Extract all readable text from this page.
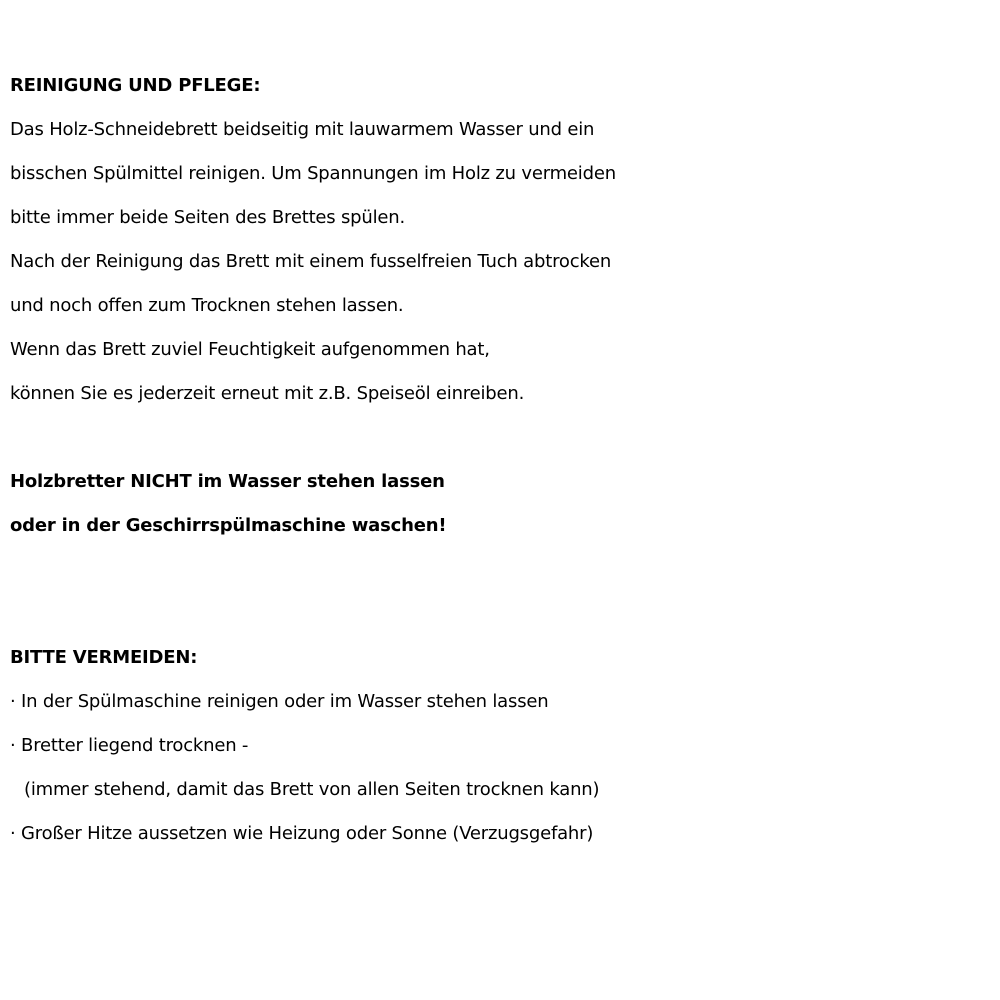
REINIGUNG UND PFLEGE:
Das Holz-Schneidebrett beidseitig mit lauwarmem Wasser und ein
bisschen Spülmittel reinigen. Um Spannungen im Holz zu vermeiden
bitte immer beide Seiten des Brettes spülen.
Nach der Reinigung das Brett mit einem fusselfreien Tuch abtrocken
und noch offen zum Trocknen stehen lassen.
Wenn das Brett zuviel Feuchtigkeit aufgenommen hat,
können Sie es jederzeit erneut mit z.B. Speiseöl einreiben.
Holzbretter NICHT im Wasser stehen lassen
oder in der Geschirrspülmaschine waschen!
BITTE VERMEIDEN:
· In der Spülmaschine reinigen oder im Wasser stehen lassen
· Bretter liegend trocknen -
(immer stehend, damit das Brett von allen Seiten trocknen kann)
· Großer Hitze aussetzen wie Heizung oder Sonne (Verzugsgefahr)
